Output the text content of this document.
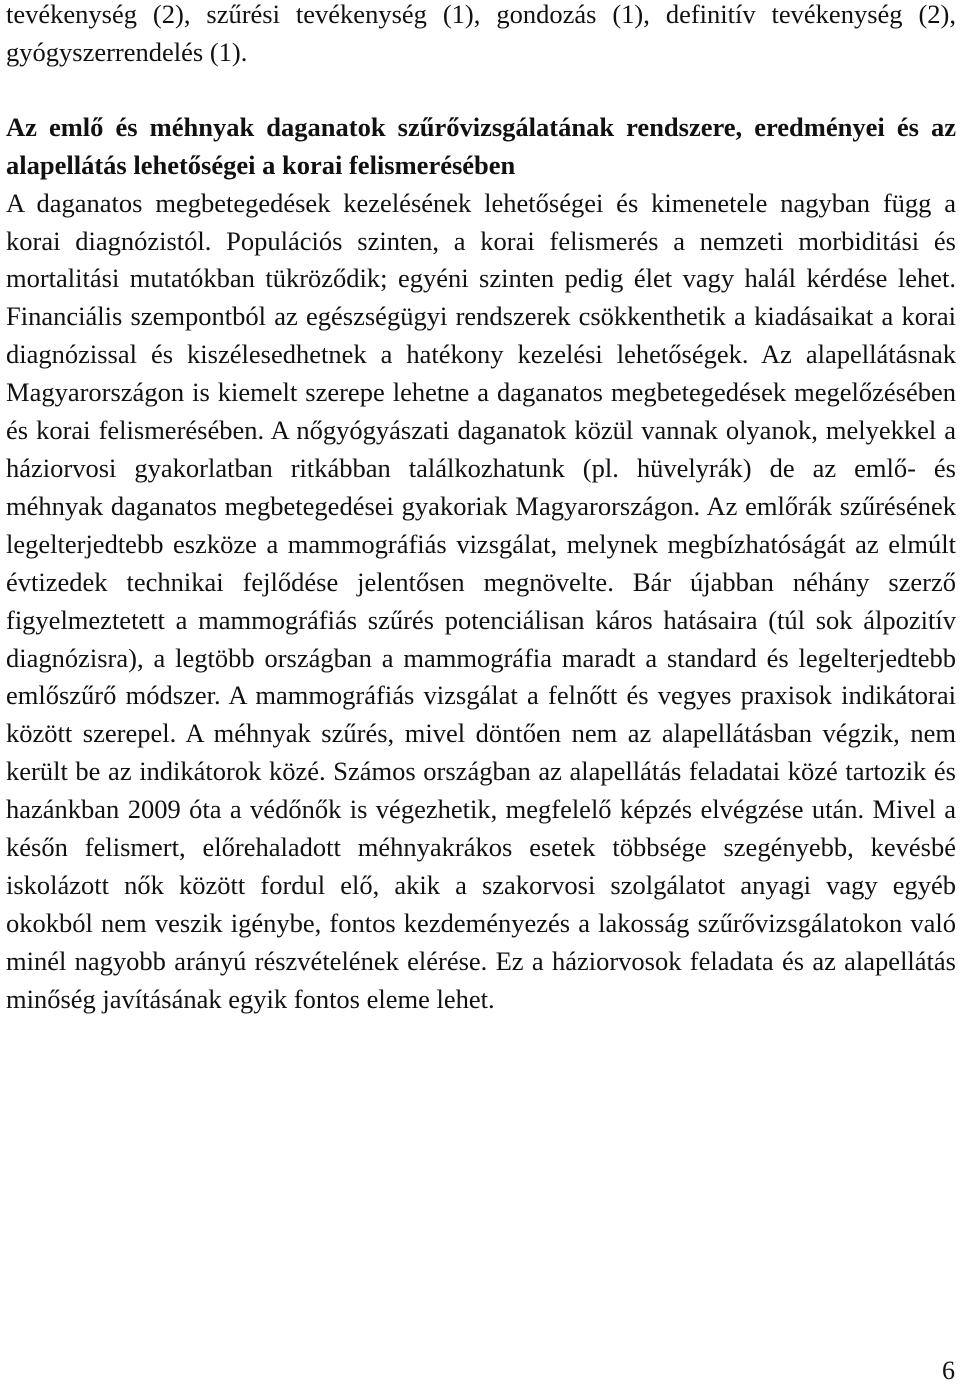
tevékenység (2), szűrési tevékenység (1), gondozás (1), definitív tevékenység (2), gyógyszerrendelés (1).

Az emlő és méhnyak daganatok szűrővizsgálatának rendszere, eredményei és az alapellátás lehetőségei a korai felismerésében

A daganatos megbetegedések kezelésének lehetőségei és kimenetele nagyban függ a korai diagnózistól. Populációs szinten, a korai felismerés a nemzeti morbiditási és mortalitási mutatókban tükröződik; egyéni szinten pedig élet vagy halál kérdése lehet. Financiális szempontból az egészségügyi rendszerek csökkenthetik a kiadásaikat a korai diagnózissal és kiszélesedhetnek a hatékony kezelési lehetőségek. Az alapellátásnak Magyarországon is kiemelt szerepe lehetne a daganatos megbetegedések megelőzésében és korai felismerésében. A nőgyógyászati daganatok közül vannak olyanok, melyekkel a háziorvosi gyakorlatban ritkábban találkozhatunk (pl. hüvelyrák) de az emlő- és méhnyak daganatos megbetegedései gyakoriak Magyarországon. Az emlőrák szűrésének legelterjedtebb eszköze a mammográfiás vizsgálat, melynek megbízhatóságát az elmúlt évtizedek technikai fejlődése jelentősen megnövelte. Bár újabban néhány szerző figyelmeztetett a mammográfiás szűrés potenciálisan káros hatásaira (túl sok álpozitív diagnózisra), a legtöbb országban a mammográfia maradt a standard és legelterjedtebb emlőszűrő módszer. A mammográfiás vizsgálat a felnőtt és vegyes praxisok indikátorai között szerepel. A méhnyak szűrés, mivel döntően nem az alapellátásban végzik, nem került be az indikátorok közé. Számos országban az alapellátás feladatai közé tartozik és hazánkban 2009 óta a védőnők is végezhetik, megfelelő képzés elvégzése után. Mivel a későn felismert, előrehaladott méhnyakrákos esetek többsége szegényebb, kevésbé iskolázott nők között fordul elő, akik a szakorvosi szolgálatot anyagi vagy egyéb okokból nem veszik igénybe, fontos kezdeményezés a lakosság szűrővizsgálatokon való minél nagyobb arányú részvételének elérése. Ez a háziorvosok feladata és az alapellátás minőség javításának egyik fontos eleme lehet.

6
